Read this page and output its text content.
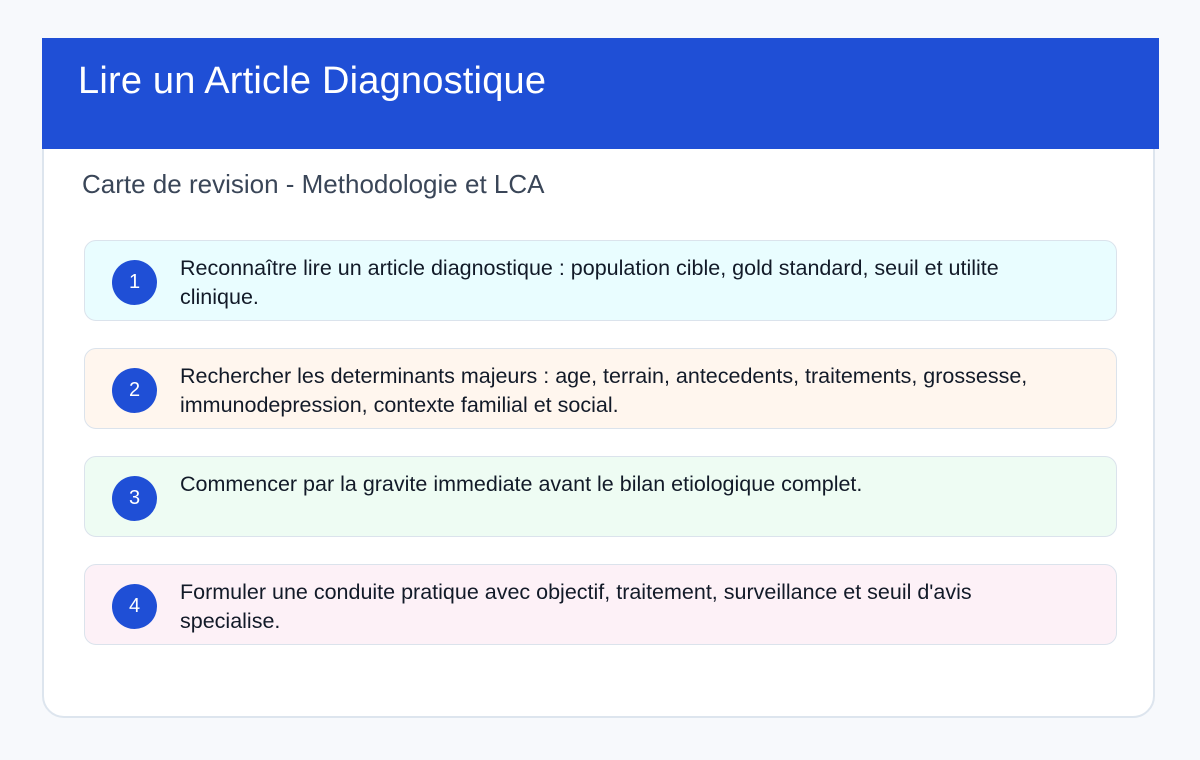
Lire un Article Diagnostique
Carte de revision - Methodologie et LCA
1
Reconnaître lire un article diagnostique : population cible, gold standard, seuil et utilite clinique.
2
Rechercher les determinants majeurs : age, terrain, antecedents, traitements, grossesse, immunodepression, contexte familial et social.
3
Commencer par la gravite immediate avant le bilan etiologique complet.
4
Formuler une conduite pratique avec objectif, traitement, surveillance et seuil d'avis specialise.
